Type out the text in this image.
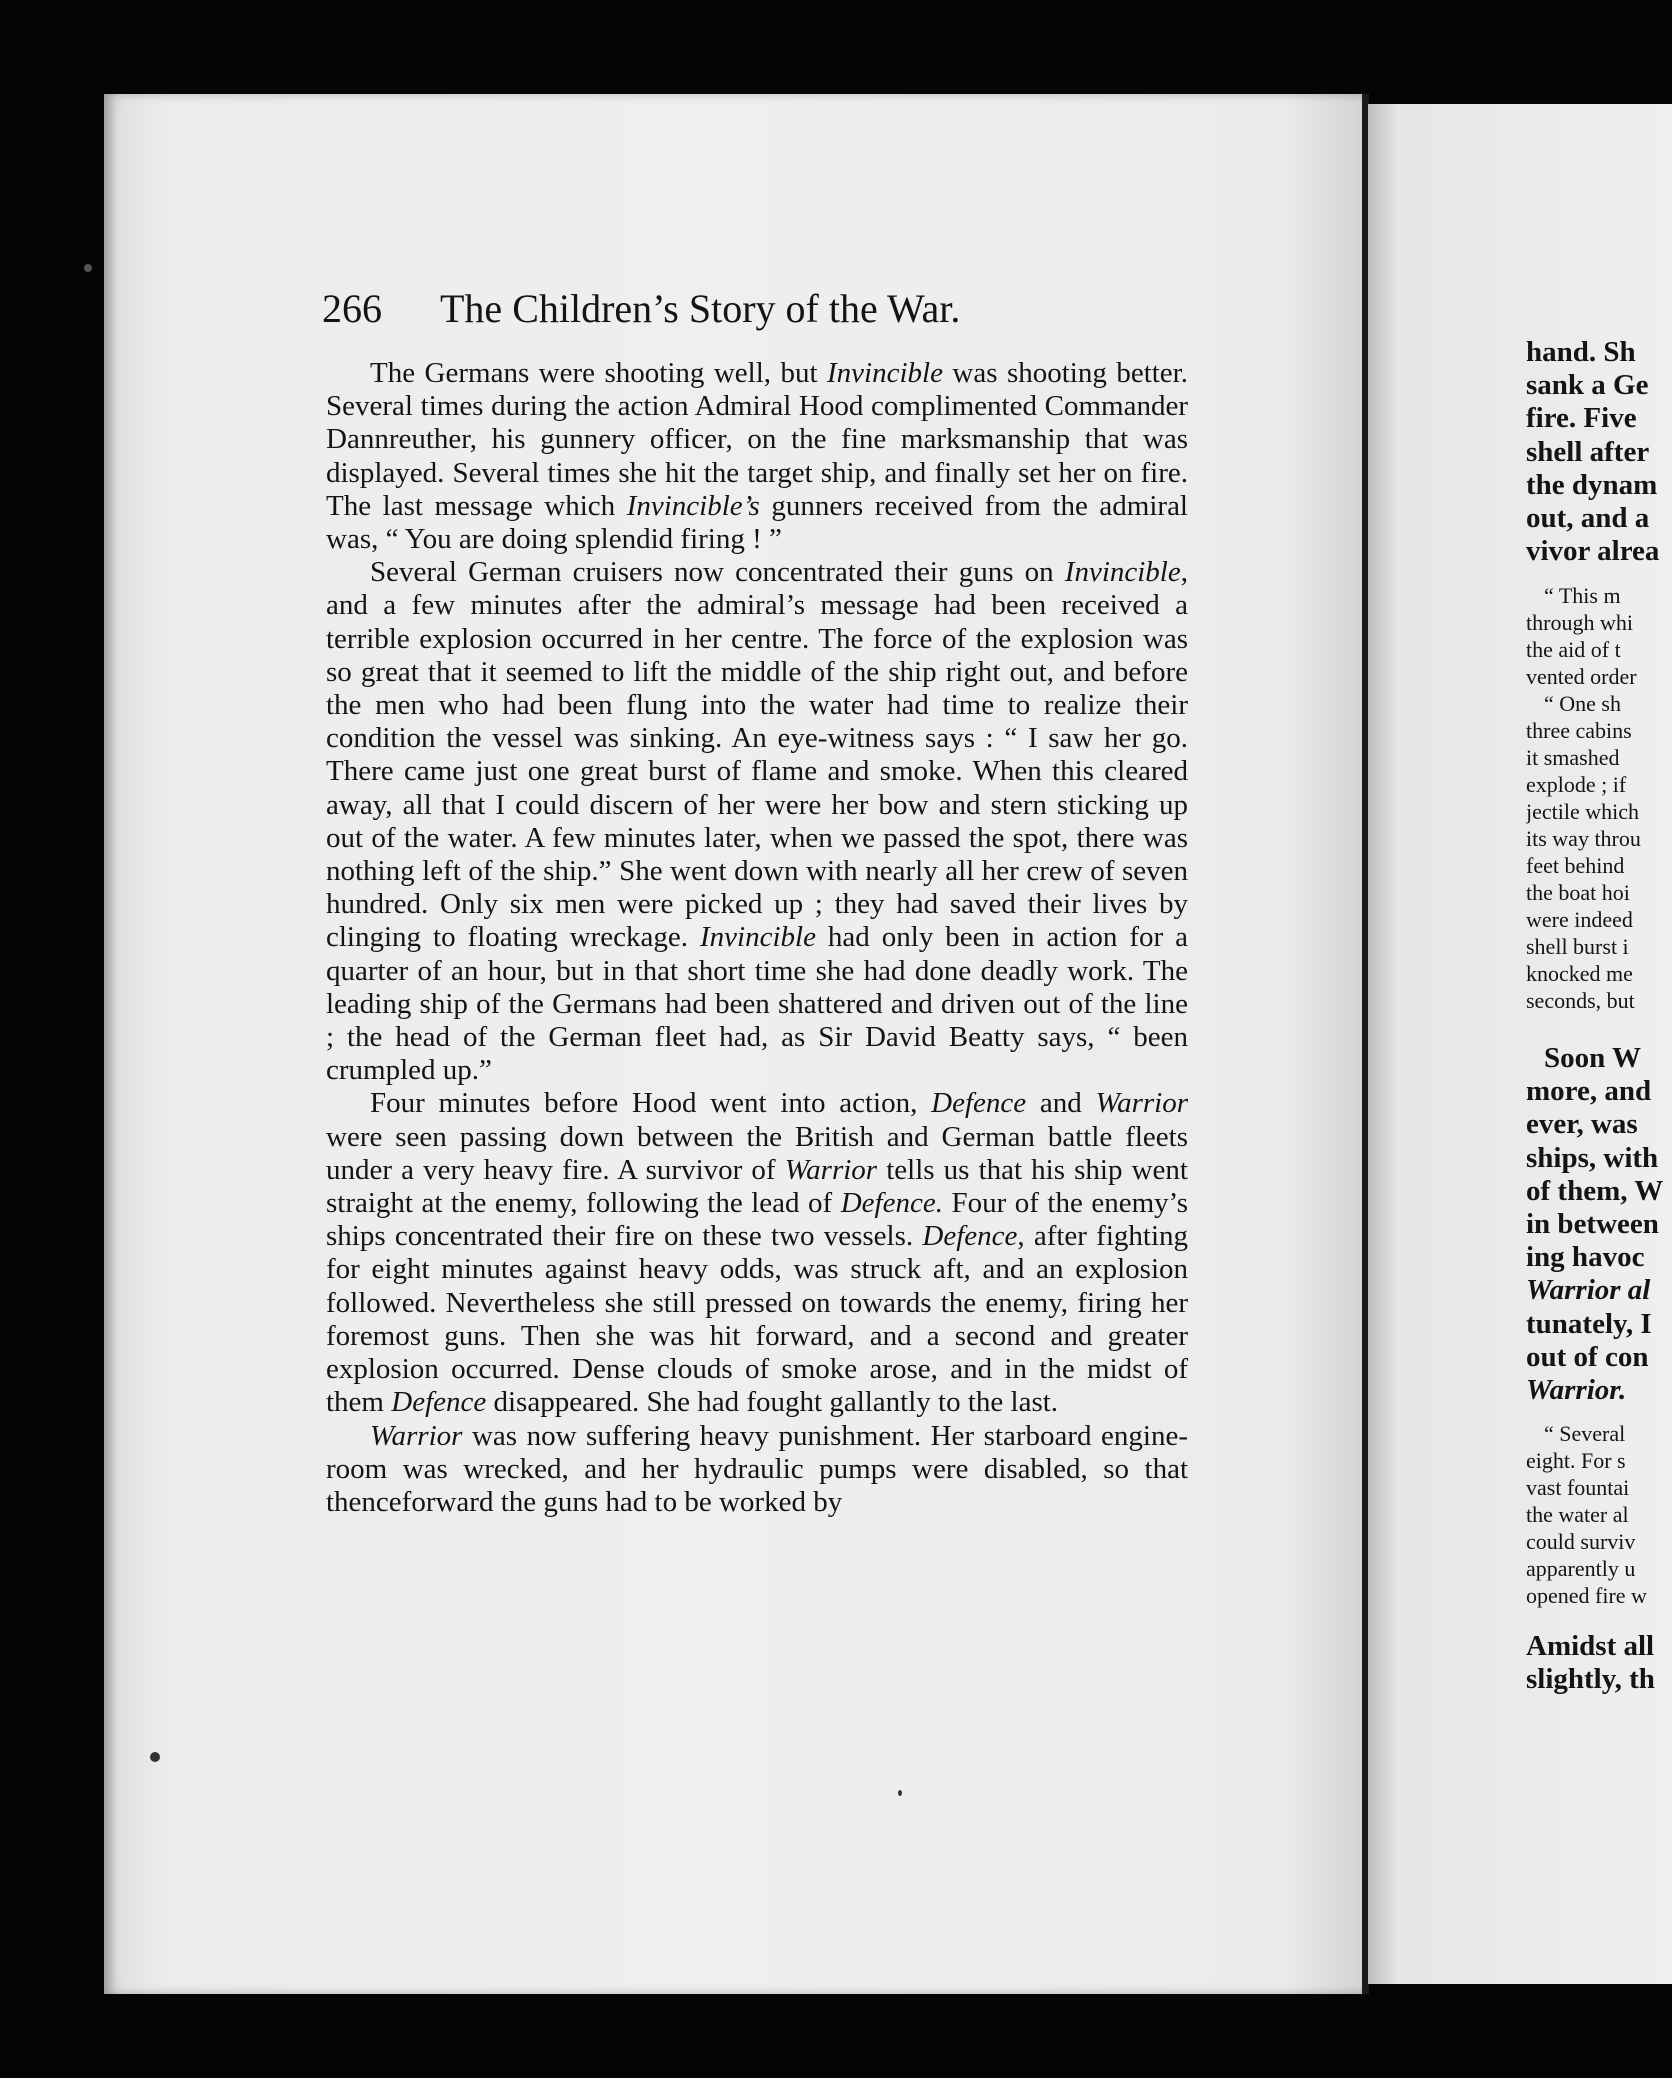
266 The Children’s Story of the War.

The Germans were shooting well, but Invincible was shooting better. Several times during the action Admiral Hood complimented Commander Dannreuther, his gunnery officer, on the fine marksmanship that was displayed. Several times she hit the target ship, and finally set her on fire. The last message which Invincible’s gunners received from the admiral was, “ You are doing splendid firing ! ”

Several German cruisers now concentrated their guns on Invincible, and a few minutes after the admiral’s message had been received a terrible explosion occurred in her centre. The force of the explosion was so great that it seemed to lift the middle of the ship right out, and before the men who had been flung into the water had time to realize their condition the vessel was sinking. An eye-witness says : “ I saw her go. There came just one great burst of flame and smoke. When this cleared away, all that I could discern of her were her bow and stern sticking up out of the water. A few minutes later, when we passed the spot, there was nothing left of the ship.” She went down with nearly all her crew of seven hundred. Only six men were picked up ; they had saved their lives by clinging to floating wreckage. Invincible had only been in action for a quarter of an hour, but in that short time she had done deadly work. The leading ship of the Germans had been shattered and driven out of the line ; the head of the German fleet had, as Sir David Beatty says, “ been crumpled up.”

Four minutes before Hood went into action, Defence and Warrior were seen passing down between the British and German battle fleets under a very heavy fire. A survivor of Warrior tells us that his ship went straight at the enemy, following the lead of Defence. Four of the enemy’s ships concentrated their fire on these two vessels. Defence, after fighting for eight minutes against heavy odds, was struck aft, and an explosion followed. Nevertheless she still pressed on towards the enemy, firing her foremost guns. Then she was hit forward, and a second and greater explosion occurred. Dense clouds of smoke arose, and in the midst of them Defence disappeared. She had fought gallantly to the last.

Warrior was now suffering heavy punishment. Her starboard engine-room was wrecked, and her hydraulic pumps were disabled, so that thenceforward the guns had to be worked by

hand. Sh
sank a Ge
fire. Five
shell after
the dynam
out, and a
vivor alrea
“ This m
through whi
the aid of t
vented order
“ One sh
three cabins
it smashed
explode ; if
jectile which
its way throu
feet behind
the boat hoi
were indeed
shell burst i
knocked me
seconds, but
Soon W
more, and
ever, was
ships, with
of them, W
in between
ing havoc
Warrior al
tunately, I
out of con
Warrior.
“ Several
eight. For s
vast fountai
the water al
could surviv
apparently u
opened fire w
Amidst all
slightly, th
